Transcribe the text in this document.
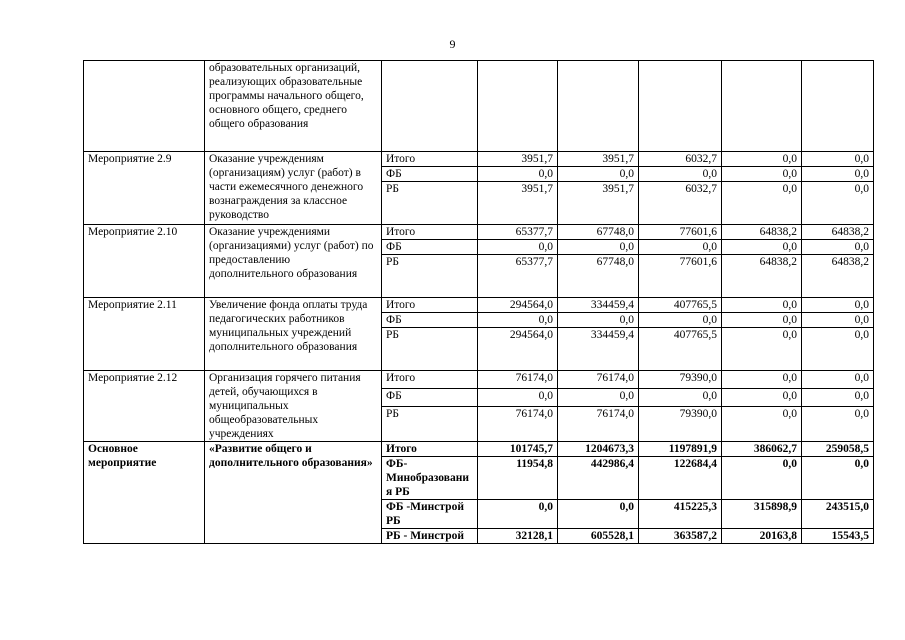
9
	образовательных организаций, реализующих образовательные программы начального общего, основного общего, среднего общего образования						
Мероприятие 2.9	Оказание учреждениям (организациям) услуг (работ) в части ежемесячного денежного вознаграждения за классное руководство	Итого	3951,7	3951,7	6032,7	0,0	0,0
		ФБ	0,0	0,0	0,0	0,0	0,0
		РБ	3951,7	3951,7	6032,7	0,0	0,0
Мероприятие 2.10	Оказание учреждениями (организациями) услуг (работ) по предоставлению дополнительного образования	Итого	65377,7	67748,0	77601,6	64838,2	64838,2
		ФБ	0,0	0,0	0,0	0,0	0,0
		РБ	65377,7	67748,0	77601,6	64838,2	64838,2
Мероприятие 2.11	Увеличение фонда оплаты труда педагогических работников муниципальных учреждений дополнительного образования	Итого	294564,0	334459,4	407765,5	0,0	0,0
		ФБ	0,0	0,0	0,0	0,0	0,0
		РБ	294564,0	334459,4	407765,5	0,0	0,0
Мероприятие 2.12	Организация горячего питания детей, обучающихся в муниципальных общеобразовательных учреждениях	Итого	76174,0	76174,0	79390,0	0,0	0,0
		ФБ	0,0	0,0	0,0	0,0	0,0
		РБ	76174,0	76174,0	79390,0	0,0	0,0
Основное мероприятие	«Развитие общего и дополнительного образования»	Итого	101745,7	1204673,3	1197891,9	386062,7	259058,5
		ФБ-Минобразования РБ	11954,8	442986,4	122684,4	0,0	0,0
		ФБ -Минстрой РБ	0,0	0,0	415225,3	315898,9	243515,0
		РБ - Минстрой	32128,1	605528,1	363587,2	20163,8	15543,5
